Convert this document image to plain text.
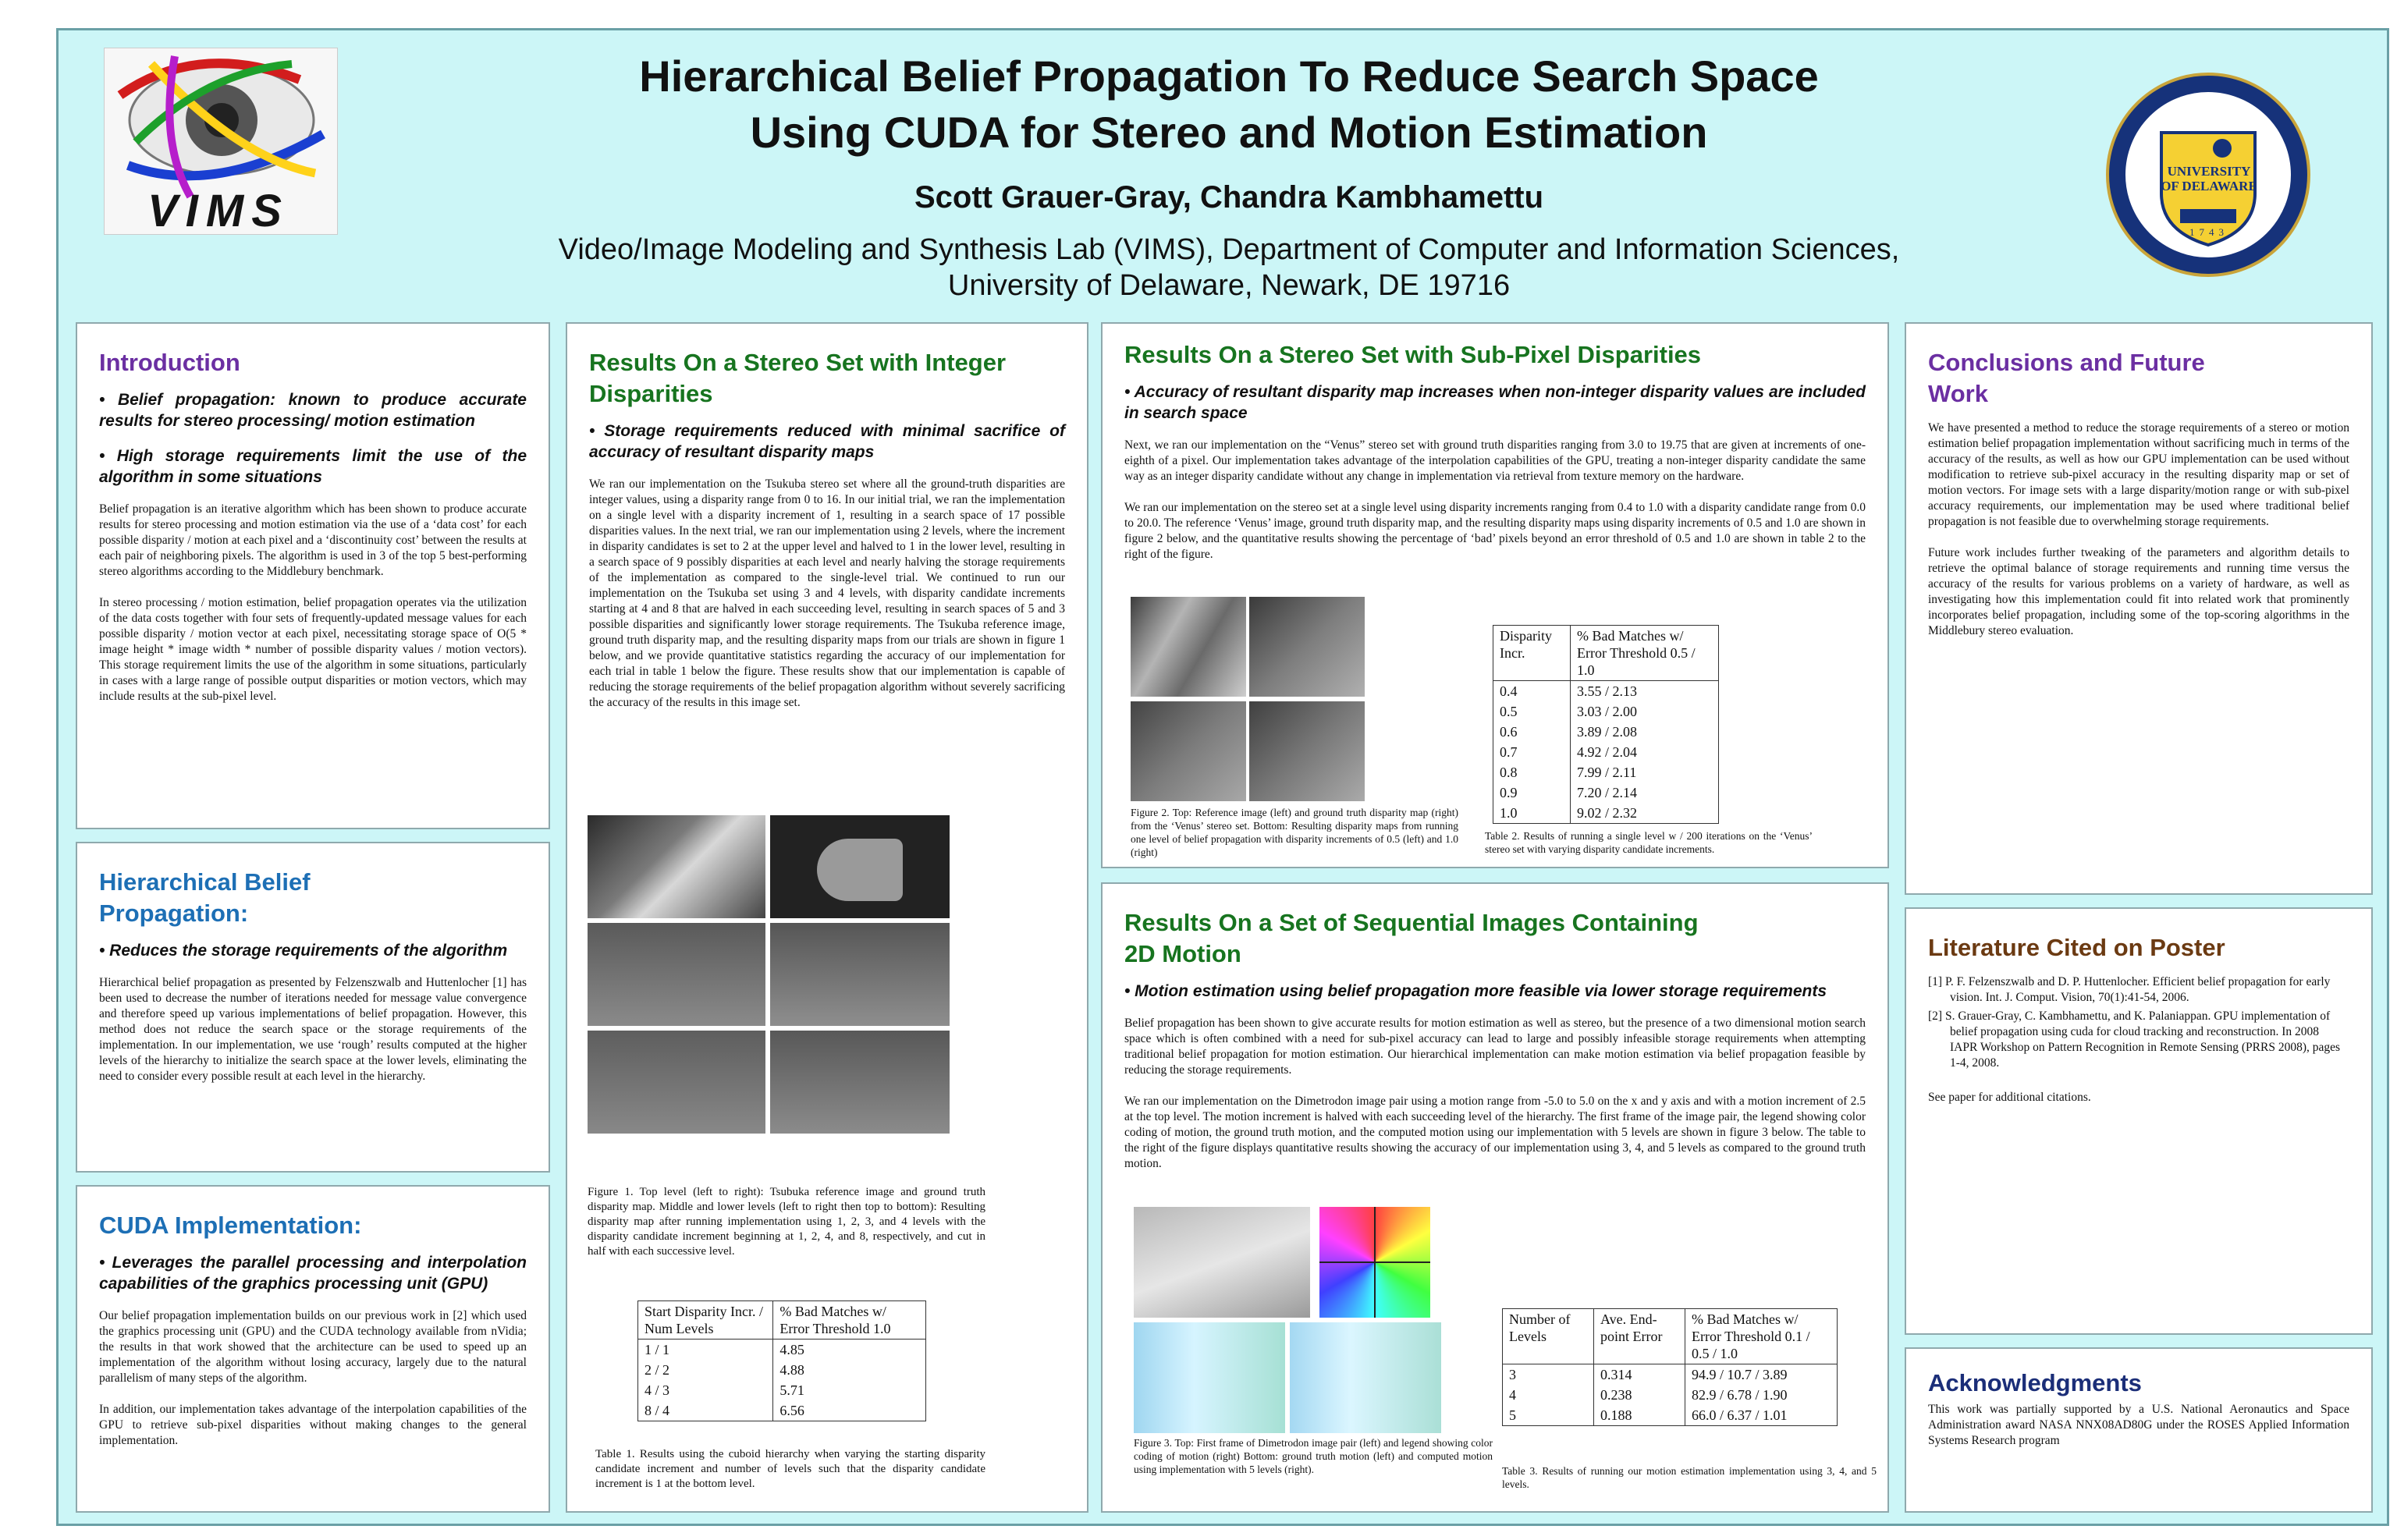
VIMS
Hierarchical Belief Propagation To Reduce Search Space
Using CUDA for Stereo and Motion Estimation
Scott Grauer-Gray, Chandra Kambhamettu
Video/Image Modeling and Synthesis Lab (VIMS), Department of Computer and Information Sciences,
University of Delaware, Newark, DE 19716
UNIVERSITY OF DELAWARE
1743
Introduction

• Belief propagation: known to produce accurate results for stereo processing/ motion estimation

• High storage requirements limit the use of the algorithm in some situations

Belief propagation is an iterative algorithm which has been shown to produce accurate results for stereo processing and motion estimation via the use of a ‘data cost’ for each possible disparity / motion at each pixel and a ‘discontinuity cost’ between the results at each pair of neighboring pixels. The algorithm is used in 3 of the top 5 best-performing stereo algorithms according to the Middlebury benchmark.

In stereo processing / motion estimation, belief propagation operates via the utilization of the data costs together with four sets of frequently-updated message values for each possible disparity / motion vector at each pixel, necessitating storage space of O(5 * image height * image width * number of possible disparity values / motion vectors). This storage requirement limits the use of the algorithm in some situations, particularly in cases with a large range of possible output disparities or motion vectors, which may include results at the sub-pixel level.

Hierarchical Belief
Propagation:

• Reduces the storage requirements of the algorithm

Hierarchical belief propagation as presented by Felzenszwalb and Huttenlocher [1] has been used to decrease the number of iterations needed for message value convergence and therefore speed up various implementations of belief propagation. However, this method does not reduce the search space or the storage requirements of the implementation. In our implementation, we use ‘rough’ results computed at the higher levels of the hierarchy to initialize the search space at the lower levels, eliminating the need to consider every possible result at each level in the hierarchy.

CUDA Implementation:

• Leverages the parallel processing and interpolation capabilities of the graphics processing unit (GPU)

Our belief propagation implementation builds on our previous work in [2] which used the graphics processing unit (GPU) and the CUDA technology available from nVidia; the results in that work showed that the architecture can be used to speed up an implementation of the algorithm without losing accuracy, largely due to the natural parallelism of many steps of the algorithm.

In addition, our implementation takes advantage of the interpolation capabilities of the GPU to retrieve sub-pixel disparities without making changes to the general implementation.

Results On a Stereo Set with Integer
Disparities

• Storage requirements reduced with minimal sacrifice of accuracy of resultant disparity maps

We ran our implementation on the Tsukuba stereo set where all the ground-truth disparities are integer values, using a disparity range from 0 to 16. In our initial trial, we ran the implementation on a single level with a disparity increment of 1, resulting in a search space of 17 possible disparities values. In the next trial, we ran our implementation using 2 levels, where the increment in disparity candidates is set to 2 at the upper level and halved to 1 in the lower level, resulting in a search space of 9 possibly disparities at each level and nearly halving the storage requirements of the implementation as compared to the single-level trial. We continued to run our implementation on the Tsukuba set using 3 and 4 levels, with disparity candidate increments starting at 4 and 8 that are halved in each succeeding level, resulting in search spaces of 5 and 3 possible disparities and significantly lower storage requirements. The Tsukuba reference image, ground truth disparity map, and the resulting disparity maps from our trials are shown in figure 1 below, and we provide quantitative statistics regarding the accuracy of our implementation for each trial in table 1 below the figure. These results show that our implementation is capable of reducing the storage requirements of the belief propagation algorithm without severely sacrificing the accuracy of the results in this image set.

Figure 1. Top level (left to right): Tsubuka reference image and ground truth disparity map. Middle and lower levels (left to right then top to bottom): Resulting disparity map after running implementation using 1, 2, 3, and 4 levels with the disparity candidate increment beginning at 1, 2, 4, and 8, respectively, and cut in half with each successive level.

Start Disparity Incr. / Num Levels	% Bad Matches w/ Error Threshold 1.0
1 / 1	4.85
2 / 2	4.88
4 / 3	5.71
8 / 4	6.56

Table 1. Results using the cuboid hierarchy when varying the starting disparity candidate increment and number of levels such that the disparity candidate increment is 1 at the bottom level.

Results On a Stereo Set with Sub-Pixel Disparities

• Accuracy of resultant disparity map increases when non-integer disparity values are included in search space

Next, we ran our implementation on the “Venus” stereo set with ground truth disparities ranging from 3.0 to 19.75 that are given at increments of one-eighth of a pixel. Our implementation takes advantage of the interpolation capabilities of the GPU, treating a non-integer disparity candidate the same way as an integer disparity candidate without any change in implementation via retrieval from texture memory on the hardware.

We ran our implementation on the stereo set at a single level using disparity increments ranging from 0.4 to 1.0 with a disparity candidate range from 0.0 to 20.0. The reference ‘Venus’ image, ground truth disparity map, and the resulting disparity maps using disparity increments of 0.5 and 1.0 are shown in figure 2 below, and the quantitative results showing the percentage of ‘bad’ pixels beyond an error threshold of 0.5 and 1.0 are shown in table 2 to the right of the figure.

Figure 2. Top: Reference image (left) and ground truth disparity map (right) from the ‘Venus’ stereo set. Bottom: Resulting disparity maps from running one level of belief propagation with disparity increments of 0.5 (left) and 1.0 (right)

Disparity Incr.	% Bad Matches w/ Error Threshold 0.5 / 1.0
0.4	3.55 / 2.13
0.5	3.03 / 2.00
0.6	3.89 / 2.08
0.7	4.92 / 2.04
0.8	7.99 / 2.11
0.9	7.20 / 2.14
1.0	9.02 / 2.32

Table 2. Results of running a single level w / 200 iterations on the ‘Venus’ stereo set with varying disparity candidate increments.

Results On a Set of Sequential Images Containing
2D Motion

• Motion estimation using belief propagation more feasible via lower storage requirements

Belief propagation has been shown to give accurate results for motion estimation as well as stereo, but the presence of a two dimensional motion search space which is often combined with a need for sub-pixel accuracy can lead to large and possibly infeasible storage requirements when attempting traditional belief propagation for motion estimation. Our hierarchical implementation can make motion estimation via belief propagation feasible by reducing the storage requirements.

We ran our implementation on the Dimetrodon image pair using a motion range from -5.0 to 5.0 on the x and y axis and with a motion increment of 2.5 at the top level. The motion increment is halved with each succeeding level of the hierarchy. The first frame of the image pair, the legend showing color coding of motion, the ground truth motion, and the computed motion using our implementation with 5 levels are shown in figure 3 below. The table to the right of the figure displays quantitative results showing the accuracy of our implementation using 3, 4, and 5 levels as compared to the ground truth motion.

Figure 3. Top: First frame of Dimetrodon image pair (left) and legend showing color coding of motion (right) Bottom: ground truth motion (left) and computed motion using implementation with 5 levels (right).

Number of Levels	Ave. End-point Error	% Bad Matches w/ Error Threshold 0.1 / 0.5 / 1.0
3	0.314	94.9 / 10.7 / 3.89
4	0.238	82.9 / 6.78 / 1.90
5	0.188	66.0 / 6.37 / 1.01

Table 3. Results of running our motion estimation implementation using 3, 4, and 5 levels.

Conclusions and Future
Work

We have presented a method to reduce the storage requirements of a stereo or motion estimation belief propagation implementation without sacrificing much in terms of the accuracy of the results, as well as how our GPU implementation can be used without modification to retrieve sub-pixel accuracy in the resulting disparity map or set of motion vectors. For image sets with a large disparity/motion range or with sub-pixel accuracy requirements, our implementation may be used where traditional belief propagation is not feasible due to overwhelming storage requirements.

Future work includes further tweaking of the parameters and algorithm details to retrieve the optimal balance of storage requirements and running time versus the accuracy of the results for various problems on a variety of hardware, as well as investigating how this implementation could fit into related work that prominently incorporates belief propagation, including some of the top-scoring algorithms in the Middlebury stereo evaluation.

Literature Cited on Poster

[1] P. F. Felzenszwalb and D. P. Huttenlocher. Efficient belief propagation for early vision. Int. J. Comput. Vision, 70(1):41-54, 2006.

[2] S. Grauer-Gray, C. Kambhamettu, and K. Palaniappan. GPU implementation of belief propagation using cuda for cloud tracking and reconstruction. In 2008 IAPR Workshop on Pattern Recognition in Remote Sensing (PRRS 2008), pages 1-4, 2008.

See paper for additional citations.

Acknowledgments

This work was partially supported by a U.S. National Aeronautics and Space Administration award NASA NNX08AD80G under the ROSES Applied Information Systems Research program
